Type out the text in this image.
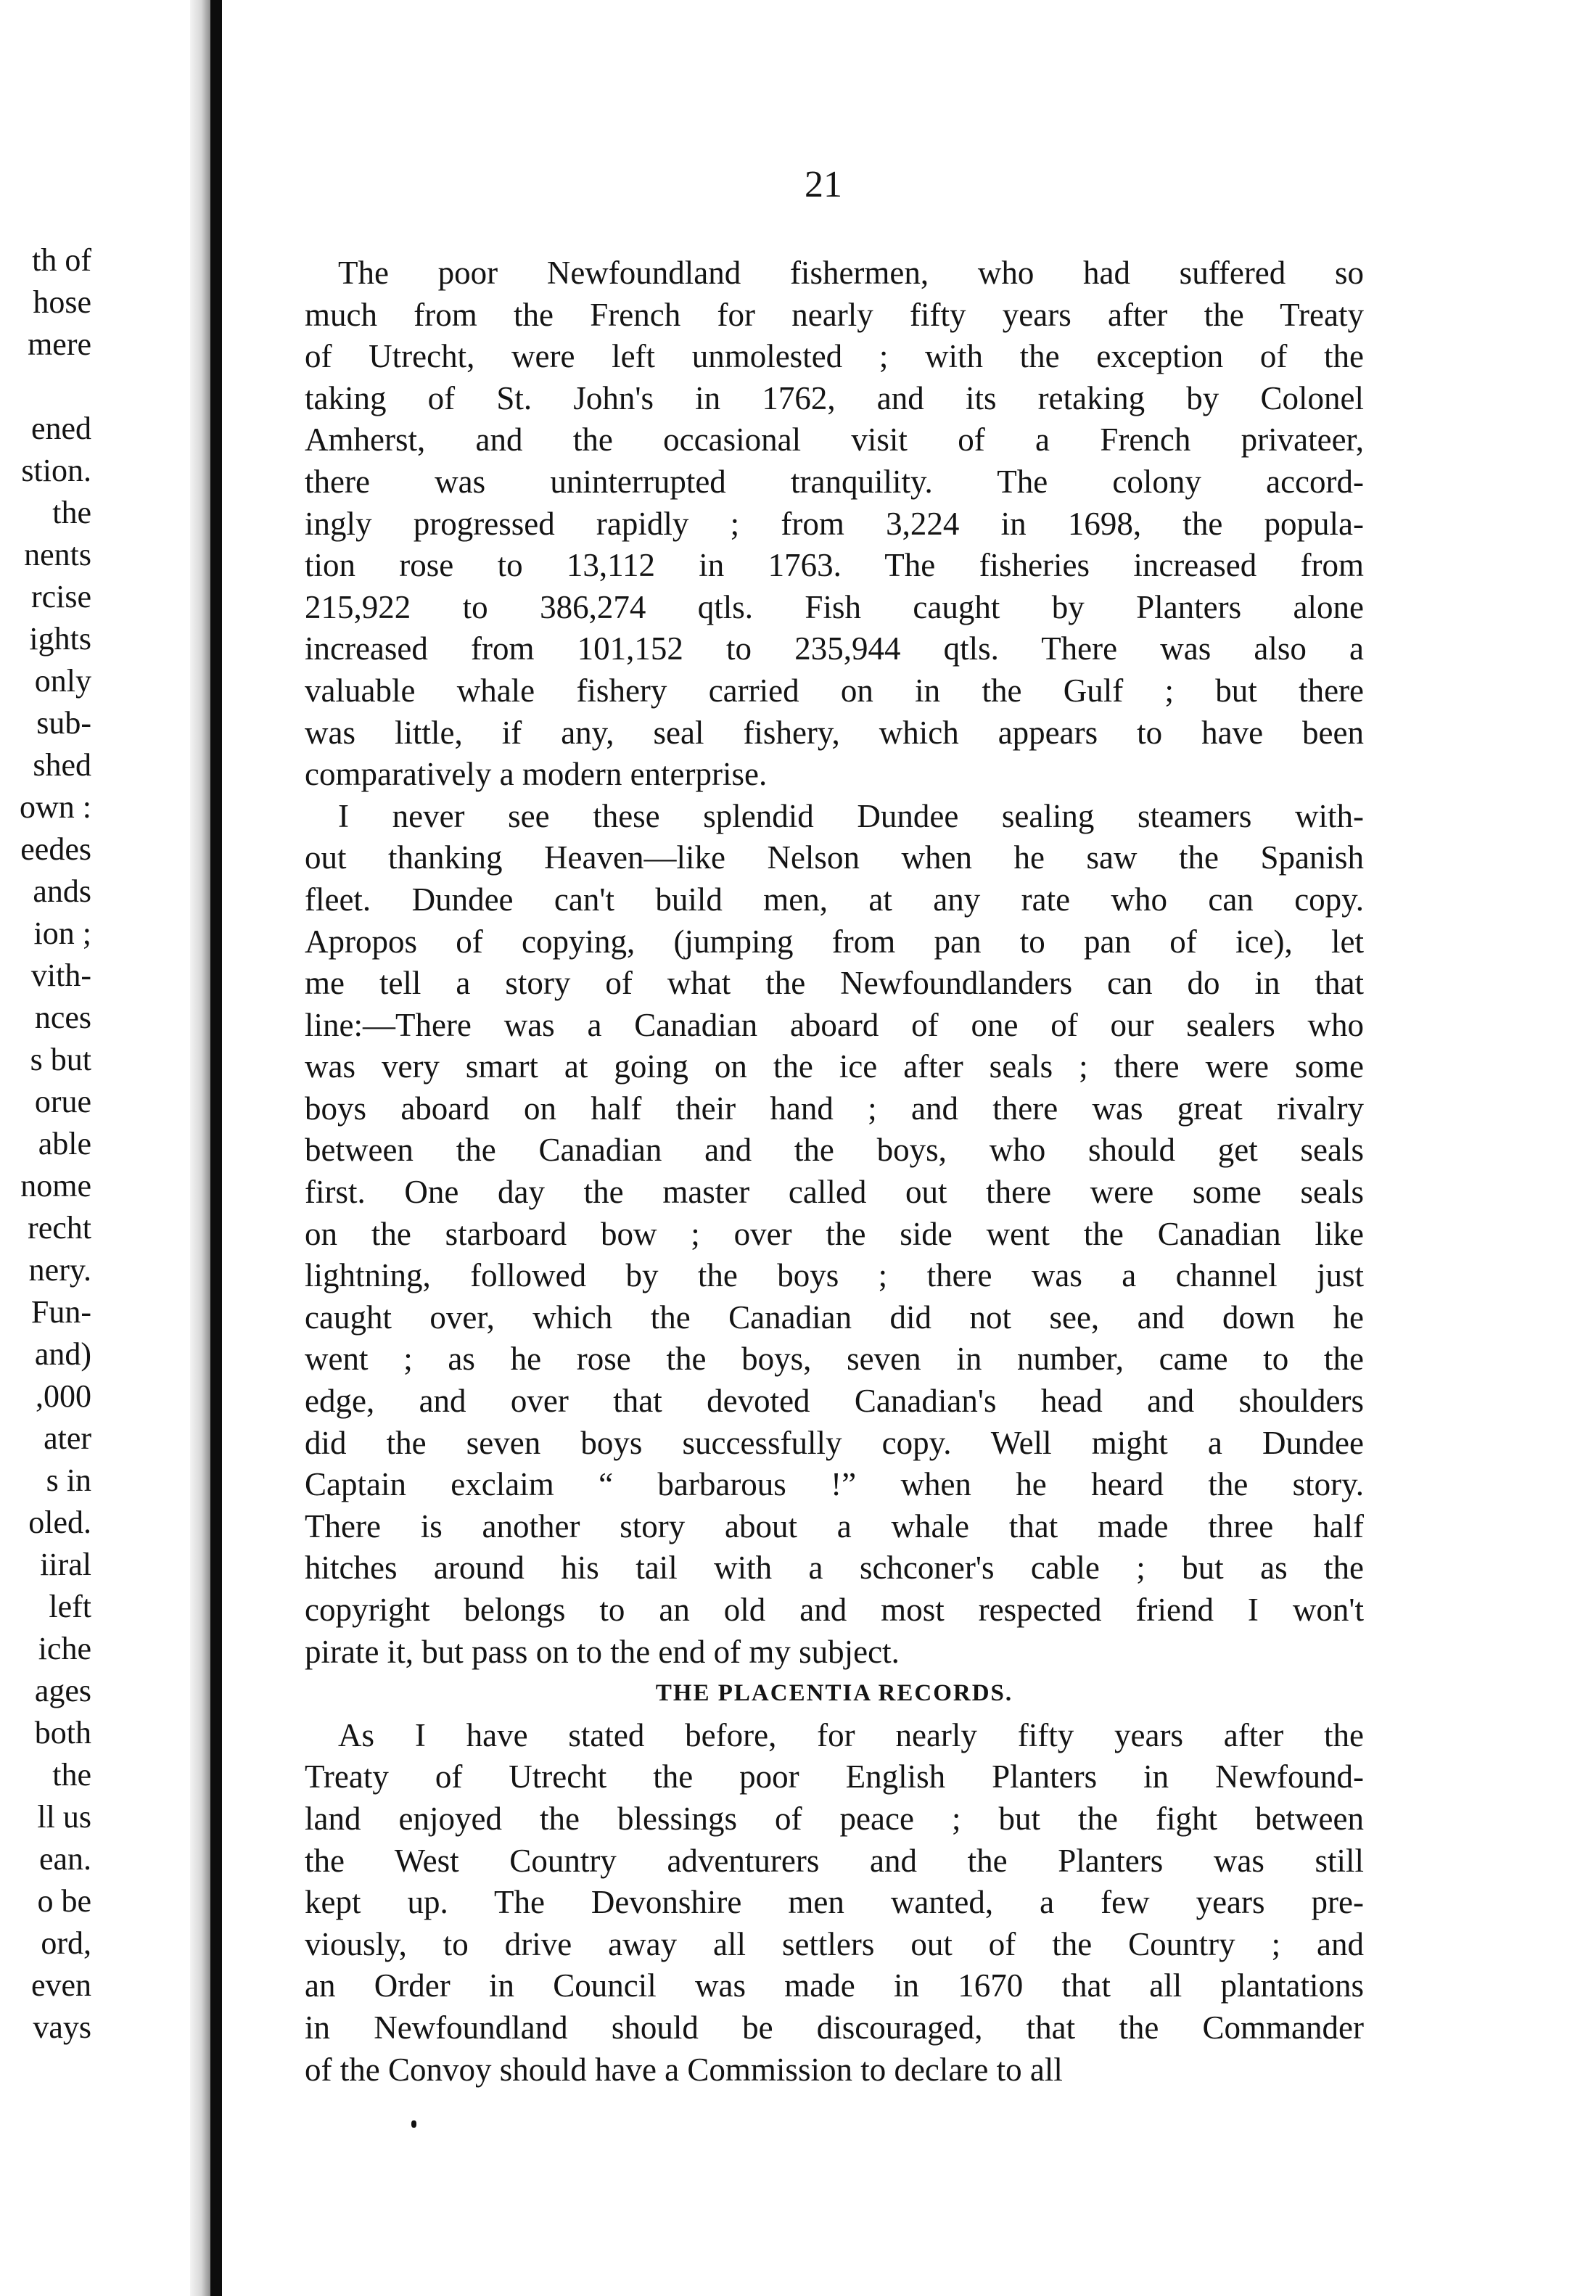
th of
hose
mere
ened
stion.
the
nents
rcise
ights
only
sub-
shed
own :
eedes
ands
ion ;
vith-
nces
s but
orue
able
nome
recht
nery.
Fun-
and)
,000
ater
s in
oled.
iiral
left
iche
ages
both
the
ll us
ean.
o be
ord,
even
vays
21
The poor Newfoundland fishermen, who had suffered so
much from the French for nearly fifty years after the Treaty
of Utrecht, were left unmolested ; with the exception of the
taking of St. John's in 1762, and its retaking by Colonel
Amherst, and the occasional visit of a French privateer,
there was uninterrupted tranquility. The colony accord-
ingly progressed rapidly ; from 3,224 in 1698, the popula-
tion rose to 13,112 in 1763. The fisheries increased from
215,922 to 386,274 qtls. Fish caught by Planters alone
increased from 101,152 to 235,944 qtls. There was also a
valuable whale fishery carried on in the Gulf ; but there
was little, if any, seal fishery, which appears to have been
comparatively a modern enterprise.
I never see these splendid Dundee sealing steamers with-
out thanking Heaven—like Nelson when he saw the Spanish
fleet. Dundee can't build men, at any rate who can copy.
Apropos of copying, (jumping from pan to pan of ice), let
me tell a story of what the Newfoundlanders can do in that
line:—There was a Canadian aboard of one of our sealers who
was very smart at going on the ice after seals ; there were some
boys aboard on half their hand ; and there was great rivalry
between the Canadian and the boys, who should get seals
first. One day the master called out there were some seals
on the starboard bow ; over the side went the Canadian like
lightning, followed by the boys ; there was a channel just
caught over, which the Canadian did not see, and down he
went ; as he rose the boys, seven in number, came to the
edge, and over that devoted Canadian's head and shoulders
did the seven boys successfully copy. Well might a Dundee
Captain exclaim “ barbarous !” when he heard the story.
There is another story about a whale that made three half
hitches around his tail with a schconer's cable ; but as the
copyright belongs to an old and most respected friend I won't
pirate it, but pass on to the end of my subject.
THE PLACENTIA RECORDS.
As I have stated before, for nearly fifty years after the
Treaty of Utrecht the poor English Planters in Newfound-
land enjoyed the blessings of peace ; but the fight between
the West Country adventurers and the Planters was still
kept up. The Devonshire men wanted, a few years pre-
viously, to drive away all settlers out of the Country ; and
an Order in Council was made in 1670 that all plantations
in Newfoundland should be discouraged, that the Commander
of the Convoy should have a Commission to declare to all
